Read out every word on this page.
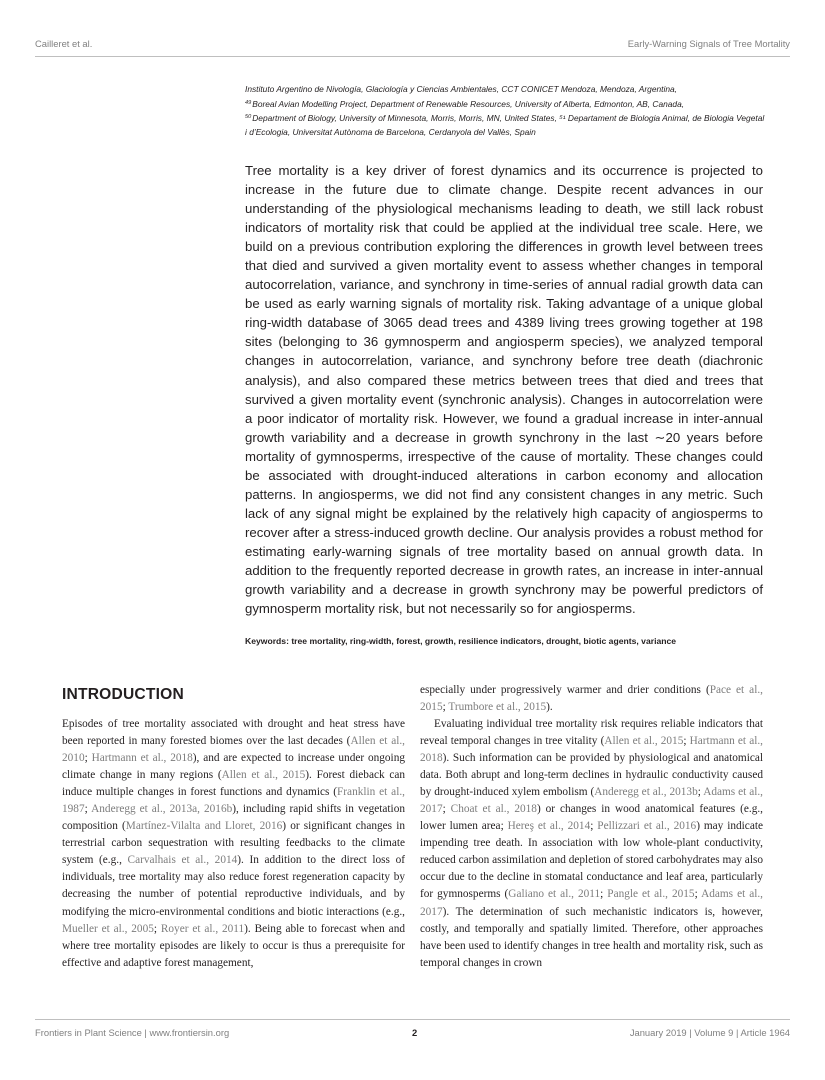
Cailleret et al.	Early-Warning Signals of Tree Mortality

Instituto Argentino de Nivología, Glaciología y Ciencias Ambientales, CCT CONICET Mendoza, Mendoza, Argentina,

$^{49}$Boreal Avian Modelling Project, Department of Renewable Resources, University of Alberta, Edmonton, AB, Canada,

$^{50}$Department of Biology, University of Minnesota, Morris, Morris, MN, United States, ⁵¹ Departament de Biologia Animal, de Biologia Vegetal i d’Ecologia, Universitat Autònoma de Barcelona, Cerdanyola del Vallès, Spain

Tree mortality is a key driver of forest dynamics and its occurrence is projected to increase in the future due to climate change. Despite recent advances in our understanding of the physiological mechanisms leading to death, we still lack robust indicators of mortality risk that could be applied at the individual tree scale. Here, we build on a previous contribution exploring the differences in growth level between trees that died and survived a given mortality event to assess whether changes in temporal autocorrelation, variance, and synchrony in time-series of annual radial growth data can be used as early warning signals of mortality risk. Taking advantage of a unique global ring-width database of 3065 dead trees and 4389 living trees growing together at 198 sites (belonging to 36 gymnosperm and angiosperm species), we analyzed temporal changes in autocorrelation, variance, and synchrony before tree death (diachronic analysis), and also compared these metrics between trees that died and trees that survived a given mortality event (synchronic analysis). Changes in autocorrelation were a poor indicator of mortality risk. However, we found a gradual increase in inter-annual growth variability and a decrease in growth synchrony in the last ∼20 years before mortality of gymnosperms, irrespective of the cause of mortality. These changes could be associated with drought-induced alterations in carbon economy and allocation patterns. In angiosperms, we did not find any consistent changes in any metric. Such lack of any signal might be explained by the relatively high capacity of angiosperms to recover after a stress-induced growth decline. Our analysis provides a robust method for estimating early-warning signals of tree mortality based on annual growth data. In addition to the frequently reported decrease in growth rates, an increase in inter-annual growth variability and a decrease in growth synchrony may be powerful predictors of gymnosperm mortality risk, but not necessarily so for angiosperms.

Keywords: tree mortality, ring-width, forest, growth, resilience indicators, drought, biotic agents, variance
INTRODUCTION

Episodes of tree mortality associated with drought and heat stress have been reported in many forested biomes over the last decades (Allen et al., 2010; Hartmann et al., 2018), and are expected to increase under ongoing climate change in many regions (Allen et al., 2015). Forest dieback can induce multiple changes in forest functions and dynamics (Franklin et al., 1987; Anderegg et al., 2013a, 2016b), including rapid shifts in vegetation composition (Martínez-Vilalta and Lloret, 2016) or significant changes in terrestrial carbon sequestration with resulting feedbacks to the climate system (e.g., Carvalhais et al., 2014). In addition to the direct loss of individuals, tree mortality may also reduce forest regeneration capacity by decreasing the number of potential reproductive individuals, and by modifying the micro-environmental conditions and biotic interactions (e.g., Mueller et al., 2005; Royer et al., 2011). Being able to forecast when and where tree mortality episodes are likely to occur is thus a prerequisite for effective and adaptive forest management,

especially under progressively warmer and drier conditions (Pace et al., 2015; Trumbore et al., 2015).

Evaluating individual tree mortality risk requires reliable indicators that reveal temporal changes in tree vitality (Allen et al., 2015; Hartmann et al., 2018). Such information can be provided by physiological and anatomical data. Both abrupt and long-term declines in hydraulic conductivity caused by drought-induced xylem embolism (Anderegg et al., 2013b; Adams et al., 2017; Choat et al., 2018) or changes in wood anatomical features (e.g., lower lumen area; Hereş et al., 2014; Pellizzari et al., 2016) may indicate impending tree death. In association with low whole-plant conductivity, reduced carbon assimilation and depletion of stored carbohydrates may also occur due to the decline in stomatal conductance and leaf area, particularly for gymnosperms (Galiano et al., 2011; Pangle et al., 2015; Adams et al., 2017). The determination of such mechanistic indicators is, however, costly, and temporally and spatially limited. Therefore, other approaches have been used to identify changes in tree health and mortality risk, such as temporal changes in crown

Frontiers in Plant Science | www.frontiersin.org	2	January 2019 | Volume 9 | Article 1964
